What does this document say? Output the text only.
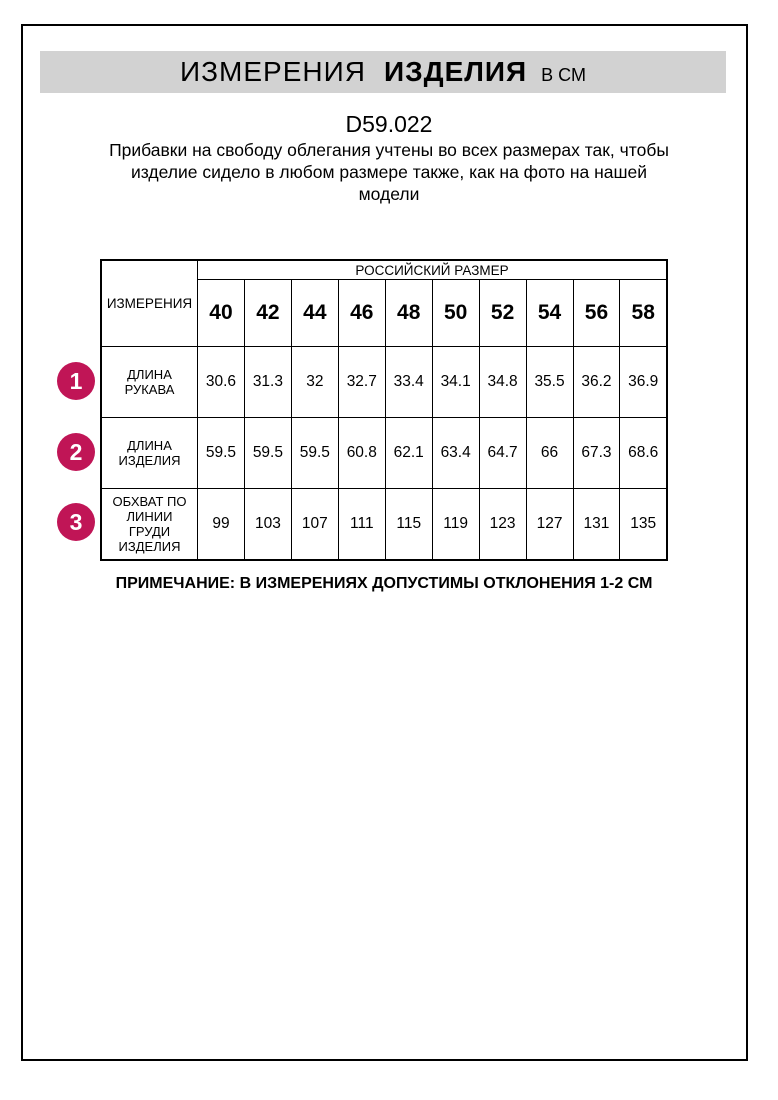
ИЗМЕРЕНИЯ ИЗДЕЛИЯ В СМ
D59.022
Прибавки на свободу облегания учтены во всех размерах так, чтобы
изделие сидело в любом размере также, как на фото на нашей
модели
ИЗМЕРЕНИЯ	РОССИЙСКИЙ РАЗМЕР									
	40	42	44	46	48	50	52	54	56	58

ДЛИНА
РУКАВА	30.6	31.3	32	32.7	33.4	34.1	34.8	35.5	36.2	36.9

ДЛИНА
ИЗДЕЛИЯ	59.5	59.5	59.5	60.8	62.1	63.4	64.7	66	67.3	68.6

ОБХВАТ ПО
ЛИНИИ
ГРУДИ
ИЗДЕЛИЯ	99	103	107	111	115	119	123	127	131	135
1
2
3
ПРИМЕЧАНИЕ: В ИЗМЕРЕНИЯХ ДОПУСТИМЫ ОТКЛОНЕНИЯ 1-2 СМ
